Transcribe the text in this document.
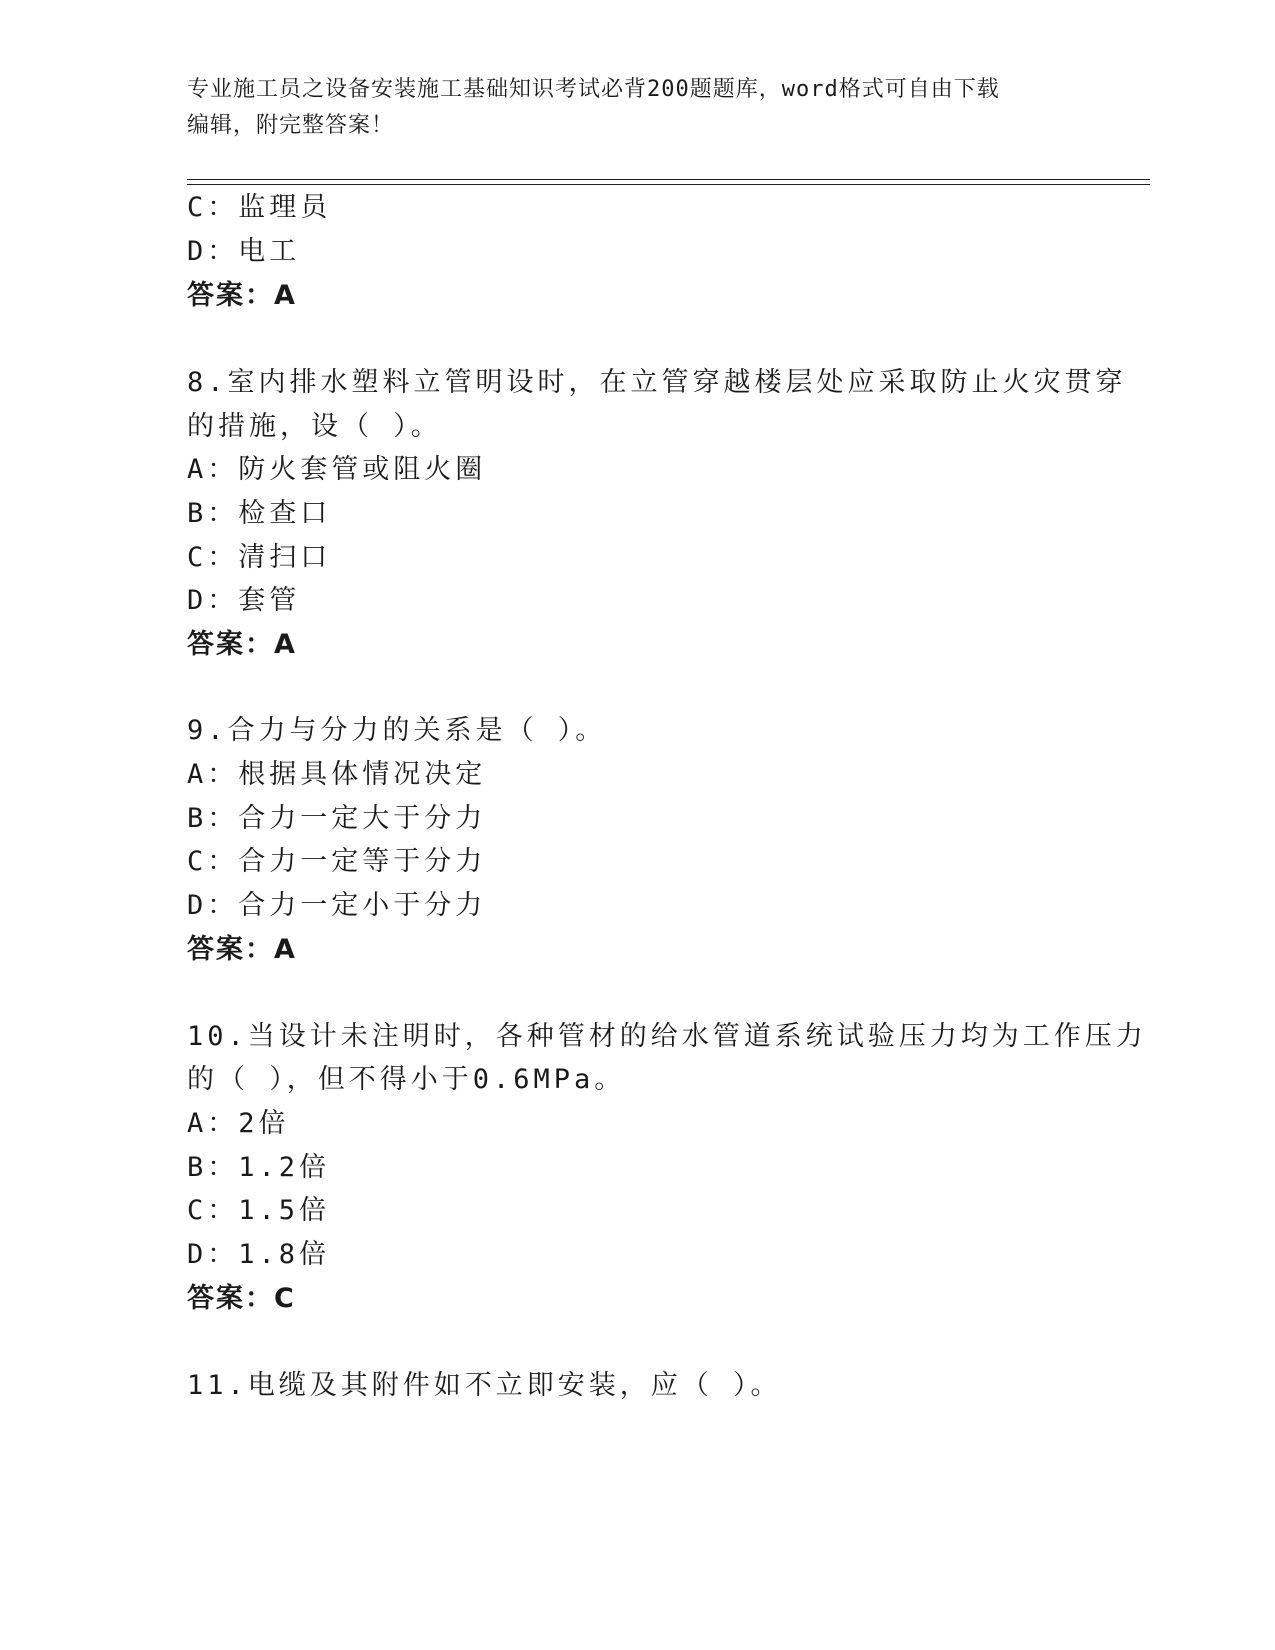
专业施工员之设备安装施工基础知识考试必背200题题库，word格式可自由下载
编辑，附完整答案！
C：监理员
D：电工
答案：A
8.室内排水塑料立管明设时，在立管穿越楼层处应采取防止火灾贯穿
的措施，设（ ）。
A：防火套管或阻火圈
B：检查口
C：清扫口
D：套管
答案：A
9.合力与分力的关系是（ ）。
A：根据具体情况决定
B：合力一定大于分力
C：合力一定等于分力
D：合力一定小于分力
答案：A
10.当设计未注明时，各种管材的给水管道系统试验压力均为工作压力
的（ ），但不得小于0.6MPa。
A：2倍
B：1.2倍
C：1.5倍
D：1.8倍
答案：C
11.电缆及其附件如不立即安装，应（ ）。
